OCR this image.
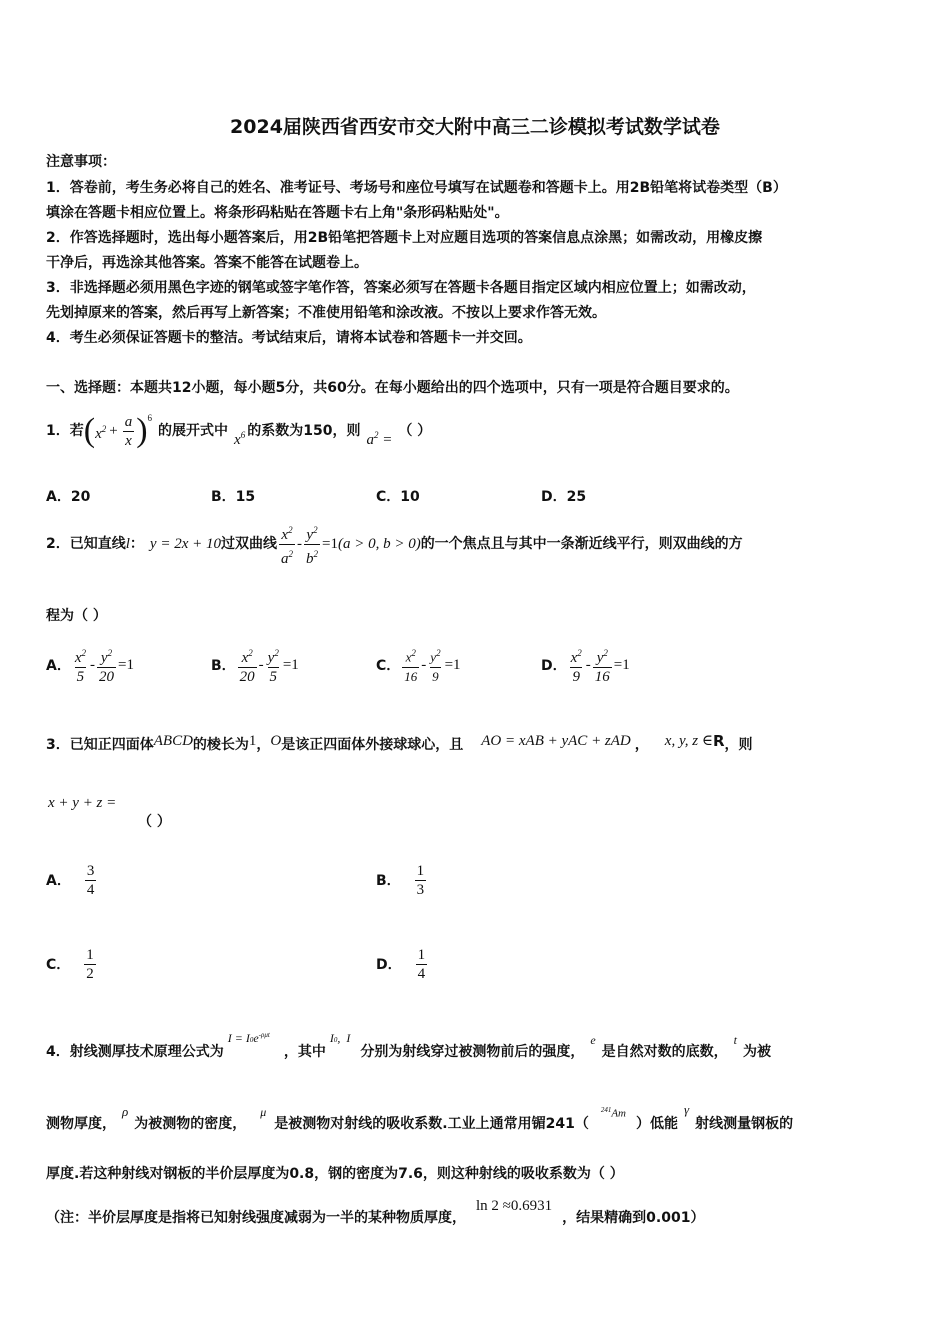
2024届陕西省西安市交大附中高三二诊模拟考试数学试卷
注意事项：
1．答卷前，考生务必将自己的姓名、准考证号、考场号和座位号填写在试题卷和答题卡上。用2B铅笔将试卷类型（B）
填涂在答题卡相应位置上。将条形码粘贴在答题卡右上角"条形码粘贴处"。
2．作答选择题时，选出每小题答案后，用2B铅笔把答题卡上对应题目选项的答案信息点涂黑；如需改动，用橡皮擦
干净后，再选涂其他答案。答案不能答在试题卷上。
3．非选择题必须用黑色字迹的钢笔或签字笔作答，答案必须写在答题卡各题目指定区域内相应位置上；如需改动，
先划掉原来的答案，然后再写上新答案；不准使用铅笔和涂改液。不按以上要求作答无效。
4．考生必须保证答题卡的整洁。考试结束后，请将本试卷和答题卡一并交回。
一、选择题：本题共12小题，每小题5分，共60分。在每小题给出的四个选项中，只有一项是符合题目要求的。
1．若 ( $x^2 + \frac{a}{x}$ ) 6
的展开式中
$x^6$ 的系数为150，则
$a^2$ =
（ ）
A．20	B．15	C．10	D．25
2．已知直线 l ： y = 2x + 10 过双曲线 $\frac{x^2}{a^2} - \frac{y^2}{b^2} =1$ (a > 0, b > 0) 的一个焦点且与其中一条渐近线平行，则双曲线的方
程为（ ）
A． $\frac{x^2}{5} - \frac{y^2}{20} =1$	B． $\frac{x^2}{20} - \frac{y^2}{5} =1$	C． $\frac{x^2}{16} - \frac{y^2}{9} =1$	D． $\frac{x^2}{9} - \frac{y^2}{16} =1$
3．已知正四面体 ABCD 的棱长为 1 ， O 是该正四面体外接球球心，且 AO = xAB + yAC + zAD ， x, y, z ∈ R ，则
x + y + z =
（ ）
A． $\frac{3}{4}$	B． $\frac{1}{3}$
C． $\frac{1}{2}$	D． $\frac{1}{4}$
4．射线测厚技术原理公式为
$I = I0e^{-\rho\mu t}$
，其中
I0,  I
分别为射线穿过被测物前后的强度，
e
是自然对数的底数，
t
为被
测物厚度，
ρ
为被测物的密度，
μ
是被测物对射线的吸收系数.工业上通常用镅241（
$^{241}$Am
）低能
γ
射线测量钢板的
厚度.若这种射线对钢板的半价层厚度为0.8，钢的密度为7.6，则这种射线的吸收系数为（ ）
（注：半价层厚度是指将已知射线强度减弱为一半的某种物质厚度，
ln 2 ≈0.6931
，结果精确到0.001）
